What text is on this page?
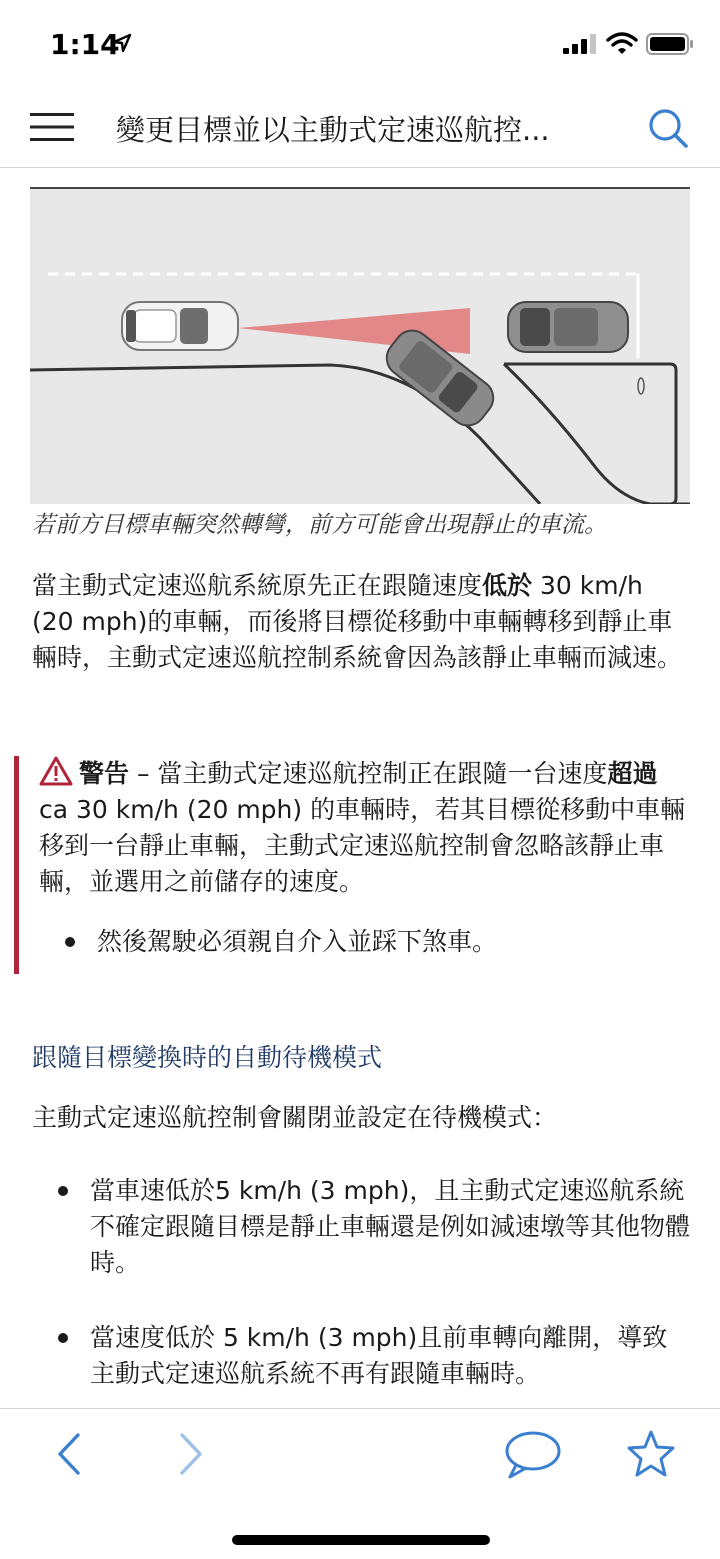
1:14
變更目標並以主動式定速巡航控...
若前方目標車輛突然轉彎，前方可能會出現靜止的車流。
當主動式定速巡航系統原先正在跟隨速度低於 30 km/h (20 mph)的車輛，而後將目標從移動中車輛轉移到靜止車輛時，主動式定速巡航控制系統會因為該靜止車輛而減速。
警告 – 當主動式定速巡航控制正在跟隨一台速度超過 ca 30 km/h (20 mph) 的車輛時，若其目標從移動中車輛移到一台靜止車輛，主動式定速巡航控制會忽略該靜止車輛，並選用之前儲存的速度。
然後駕駛必須親自介入並踩下煞車。
跟隨目標變換時的自動待機模式
主動式定速巡航控制會關閉並設定在待機模式：
當車速低於5 km/h (3 mph)，且主動式定速巡航系統不確定跟隨目標是靜止車輛還是例如減速墩等其他物體時。
當速度低於 5 km/h (3 mph)且前車轉向離開，導致主動式定速巡航系統不再有跟隨車輛時。
